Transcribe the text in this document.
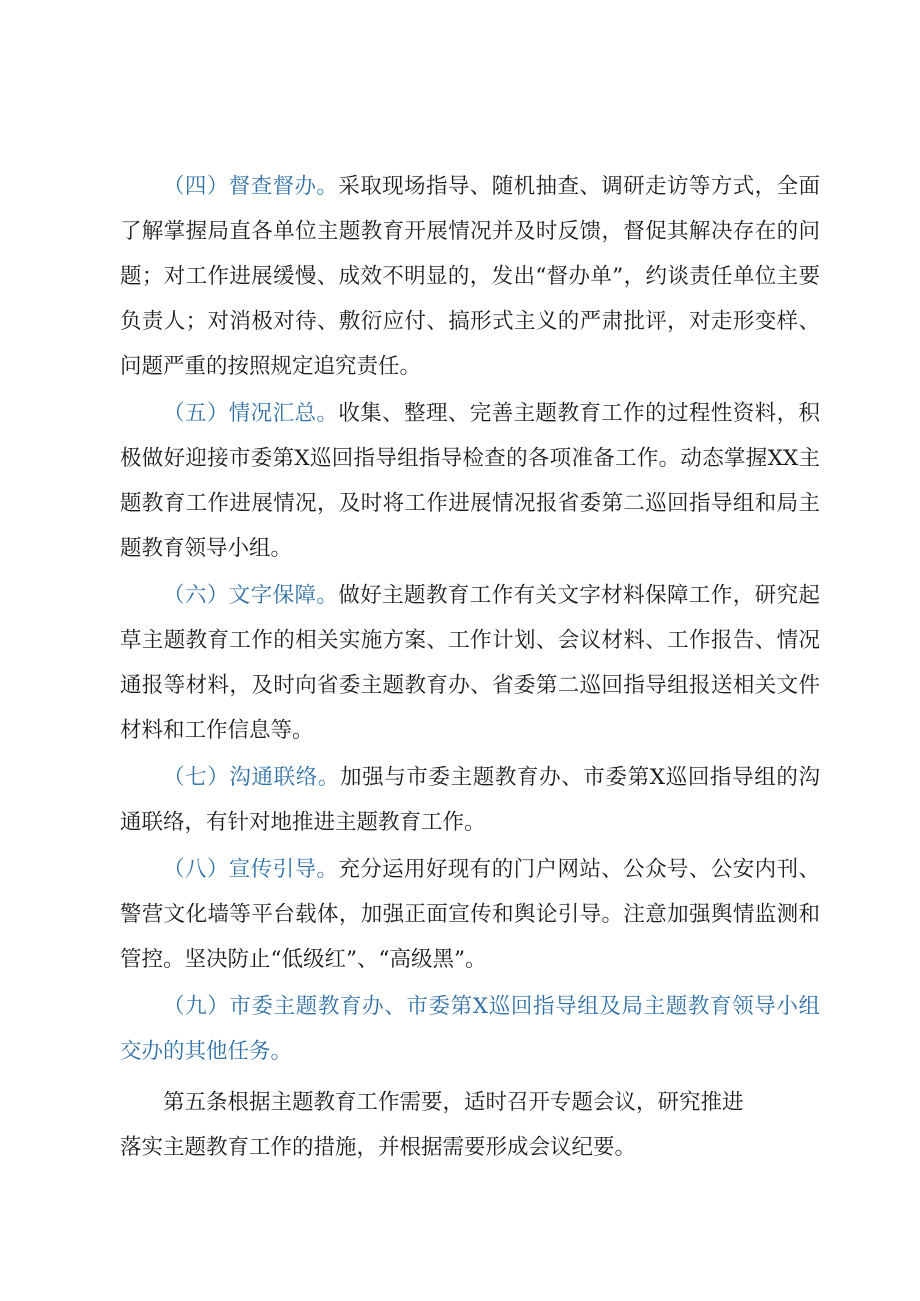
（四）督查督办。采取现场指导、随机抽查、调研走访等方式，全面了解掌握局直各单位主题教育开展情况并及时反馈，督促其解决存在的问题；对工作进展缓慢、成效不明显的，发出“督办单”，约谈责任单位主要负责人；对消极对待、敷衍应付、搞形式主义的严肃批评，对走形变样、问题严重的按照规定追究责任。

（五）情况汇总。收集、整理、完善主题教育工作的过程性资料，积极做好迎接市委第X巡回指导组指导检查的各项准备工作。动态掌握XX主题教育工作进展情况，及时将工作进展情况报省委第二巡回指导组和局主题教育领导小组。

（六）文字保障。做好主题教育工作有关文字材料保障工作，研究起草主题教育工作的相关实施方案、工作计划、会议材料、工作报告、情况通报等材料，及时向省委主题教育办、省委第二巡回指导组报送相关文件材料和工作信息等。

（七）沟通联络。加强与市委主题教育办、市委第X巡回指导组的沟通联络，有针对地推进主题教育工作。

（八）宣传引导。充分运用好现有的门户网站、公众号、公安内刊、警营文化墙等平台载体，加强正面宣传和舆论引导。注意加强舆情监测和管控。坚决防止“低级红”、“高级黑”。

（九）市委主题教育办、市委第X巡回指导组及局主题教育领导小组交办的其他任务。

第五条根据主题教育工作需要，适时召开专题会议，研究推进落实主题教育工作的措施，并根据需要形成会议纪要。
